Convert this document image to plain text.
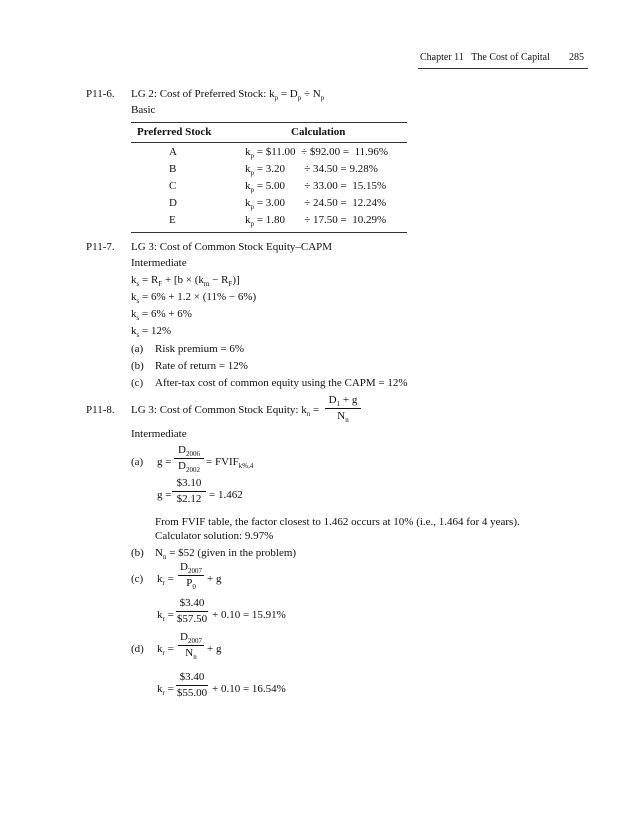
Chapter 11 The Cost of Capital 285
P11-6. LG 2: Cost of Preferred Stock: $k_p = D_p \div N_p$
Basic
Preferred Stock	Calculation
A	$k_p$ = $11.00  ÷ $92.00 =  11.96%
B	$k_p = 3.20$       ÷ 34.50 = 9.28%
C	$k_p = 5.00$       ÷ 33.00 =  15.15%
D	$k_p = 3.00$       ÷ 24.50 =  12.24%
E	$k_p = 1.80$       ÷ 17.50 =  10.29%
P11-7. LG 3: Cost of Common Stock Equity–CAPM
Intermediate
$k_s = R_F + [b \times (k_m - R_F)]$
$k_s = 6\% + 1.2 \times (11\% - 6\%)$
$k_s = 6\% + 6\%$
$k_s = 12\%$
(a) Risk premium = 6%
(b) Rate of return = 12%
(c) After-tax cost of common equity using the CAPM = 12%
P11-8. LG 3: Cost of Common Stock Equity: $k_n$ =
$D_1 + g$
$N_n$
Intermediate
(a) g =
$D_{2006}$
$D_{2002}$
= $FVIF_{k\%,4}$
g =
$3.10
$2.12 = 1.462
From FVIF table, the factor closest to 1.462 occurs at 10% (i.e., 1.464 for 4 years).
Calculator solution: 9.97%
(b) $N_n$ = $52 (given in the problem)
(c) $k_r$ =
$D_{2007}$
$P_0$
+ g
$k_r$ =
$3.40
$57.50 + 0.10 = 15.91%
(d) $k_r$ =
$D_{2007}$
$N_n$
+ g
$k_r$ =
$3.40
$55.00 + 0.10 = 16.54%
